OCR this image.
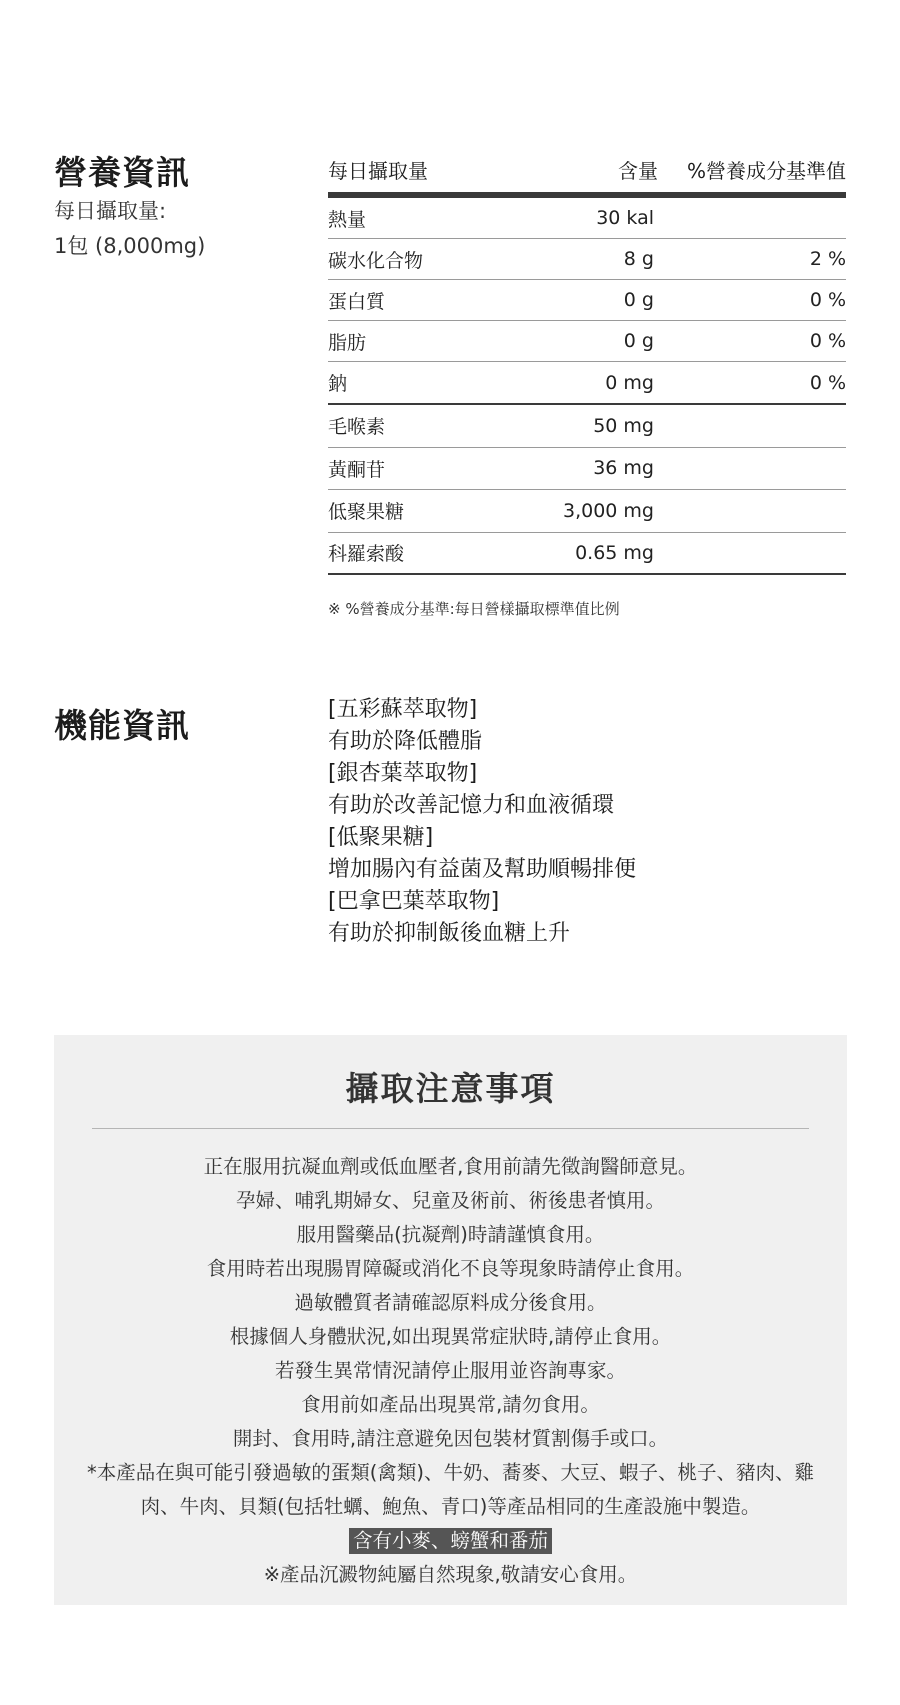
營養資訊
每日攝取量:
1包 (8,000mg)
每日攝取量	含量	%營養成分基準值
熱量	30 kal
碳水化合物	8 g	2 %
蛋白質	0 g	0 %
脂肪	0 g	0 %
鈉	0 mg	0 %
毛喉素	50 mg
黃酮苷	36 mg
低聚果糖	3,000 mg
科羅索酸	0.65 mg
※ %營養成分基準:每日營樣攝取標準值比例
機能資訊	[五彩蘇萃取物]
有助於降低體脂
[銀杏葉萃取物]
有助於改善記憶力和血液循環
[低聚果糖]
增加腸內有益菌及幫助順暢排便
[巴拿巴葉萃取物]
有助於抑制飯後血糖上升
攝取注意事項
正在服用抗凝血劑或低血壓者,食用前請先徵詢醫師意見。
孕婦、哺乳期婦女、兒童及術前、術後患者慎用。
服用醫藥品(抗凝劑)時請謹慎食用。
食用時若出現腸胃障礙或消化不良等現象時請停止食用。
過敏體質者請確認原料成分後食用。
根據個人身體狀況,如出現異常症狀時,請停止食用。
若發生異常情況請停止服用並咨詢專家。
食用前如產品出現異常,請勿食用。
開封、食用時,請注意避免因包裝材質割傷手或口。
*本產品在與可能引發過敏的蛋類(禽類)、牛奶、蕎麥、大豆、蝦子、桃子、豬肉、雞
肉、牛肉、貝類(包括牡蠣、鮑魚、青口)等產品相同的生產設施中製造。
含有小麥、螃蟹和番茄
※產品沉澱物純屬自然現象,敬請安心食用。
